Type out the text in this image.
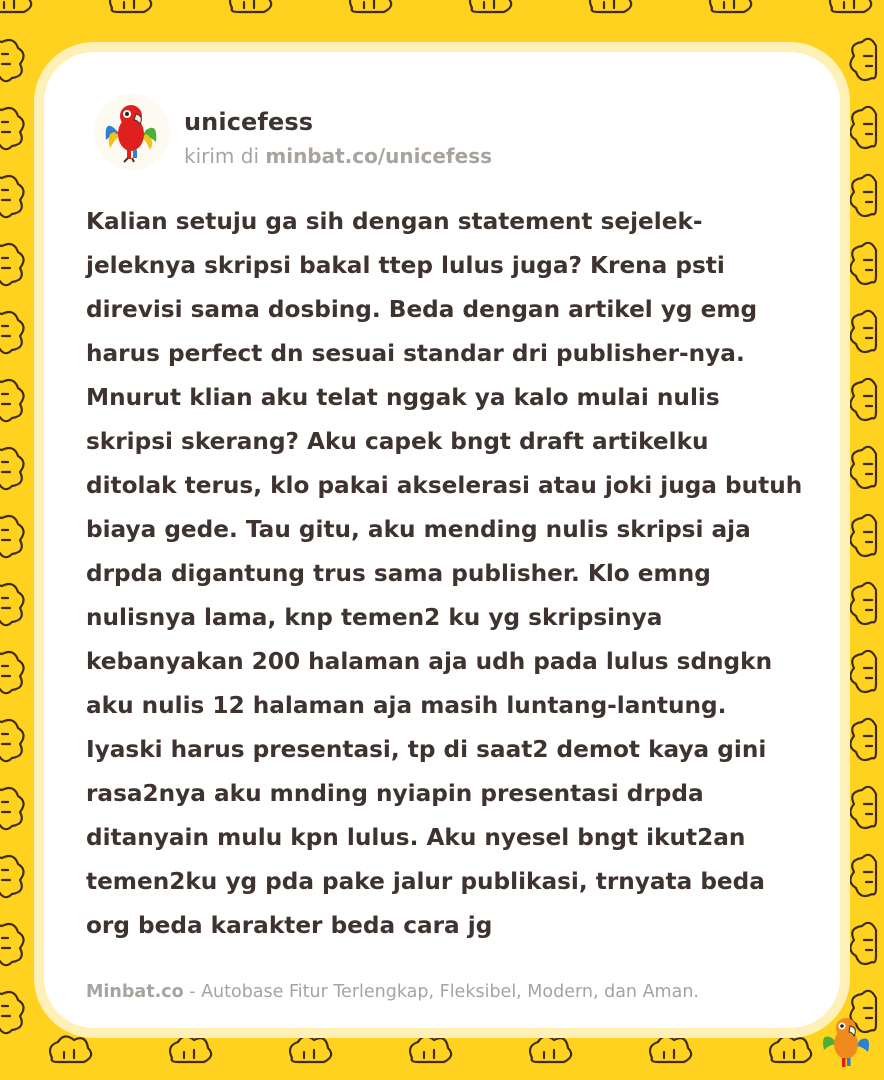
unicefess
kirim di minbat.co/unicefess
Kalian setuju ga sih dengan statement sejelek-
jeleknya skripsi bakal ttep lulus juga? Krena psti
direvisi sama dosbing. Beda dengan artikel yg emg
harus perfect dn sesuai standar dri publisher-nya.
Mnurut klian aku telat nggak ya kalo mulai nulis
skripsi skerang? Aku capek bngt draft artikelku
ditolak terus, klo pakai akselerasi atau joki juga butuh
biaya gede. Tau gitu, aku mending nulis skripsi aja
drpda digantung trus sama publisher. Klo emng
nulisnya lama, knp temen2 ku yg skripsinya
kebanyakan 200 halaman aja udh pada lulus sdngkn
aku nulis 12 halaman aja masih luntang-lantung.
Iyaski harus presentasi, tp di saat2 demot kaya gini
rasa2nya aku mnding nyiapin presentasi drpda
ditanyain mulu kpn lulus. Aku nyesel bngt ikut2an
temen2ku yg pda pake jalur publikasi, trnyata beda
org beda karakter beda cara jg
Minbat.co - Autobase Fitur Terlengkap, Fleksibel, Modern, dan Aman.
